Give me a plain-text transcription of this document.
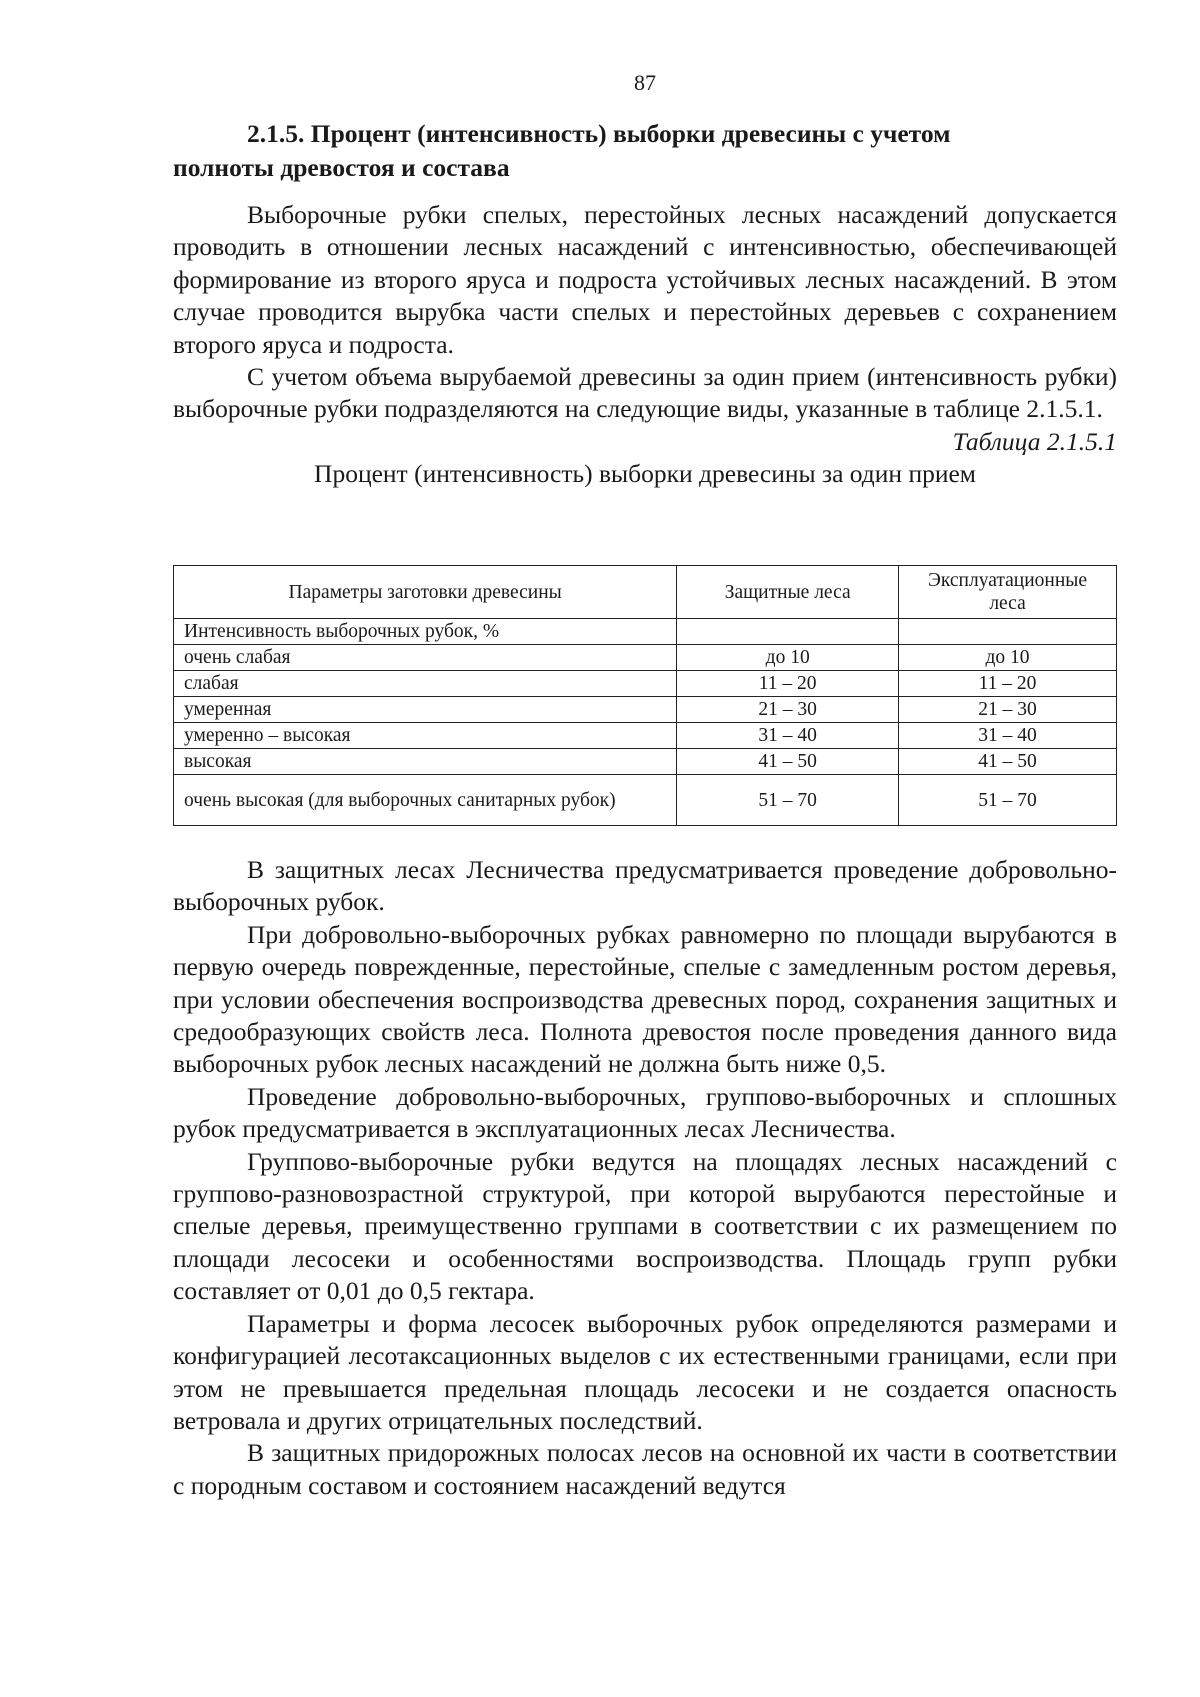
87
2.1.5. Процент (интенсивность) выборки древесины с учетом
полноты древостоя и состава

Выборочные рубки спелых, перестойных лесных насаждений допускается проводить в отношении лесных насаждений с интенсивностью, обеспечивающей формирование из второго яруса и подроста устойчивых лесных насаждений. В этом случае проводится вырубка части спелых и перестойных деревьев с сохранением второго яруса и подроста.

С учетом объема вырубаемой древесины за один прием (интенсивность рубки) выборочные рубки подразделяются на следующие виды, указанные в таблице 2.1.5.1.

Таблица 2.1.5.1

Процент (интенсивность) выборки древесины за один прием

Параметры заготовки древесины	Защитные леса	Эксплуатационные леса
Интенсивность выборочных рубок, %		
очень слабая	до 10	до 10
слабая	11 – 20	11 – 20
умеренная	21 – 30	21 – 30
умеренно – высокая	31 – 40	31 – 40
высокая	41 – 50	41 – 50
очень высокая (для выборочных санитарных рубок)	51 – 70	51 – 70

В защитных лесах Лесничества предусматривается проведение добровольно-выборочных рубок.

При добровольно-выборочных рубках равномерно по площади вырубаются в первую очередь поврежденные, перестойные, спелые с замедленным ростом деревья, при условии обеспечения воспроизводства древесных пород, сохранения защитных и средообразующих свойств леса. Полнота древостоя после проведения данного вида выборочных рубок лесных насаждений не должна быть ниже 0,5.

Проведение добровольно-выборочных, группово-выборочных и сплошных рубок предусматривается в эксплуатационных лесах Лесничества.

Группово-выборочные рубки ведутся на площадях лесных насаждений с группово-разновозрастной структурой, при которой вырубаются перестойные и спелые деревья, преимущественно группами в соответствии с их размещением по площади лесосеки и особенностями воспроизводства. Площадь групп рубки составляет от 0,01 до 0,5 гектара.

Параметры и форма лесосек выборочных рубок определяются размерами и конфигурацией лесотаксационных выделов с их естественными границами, если при этом не превышается предельная площадь лесосеки и не создается опасность ветровала и других отрицательных последствий.

В защитных придорожных полосах лесов на основной их части в соответствии с породным составом и состоянием насаждений ведутся
